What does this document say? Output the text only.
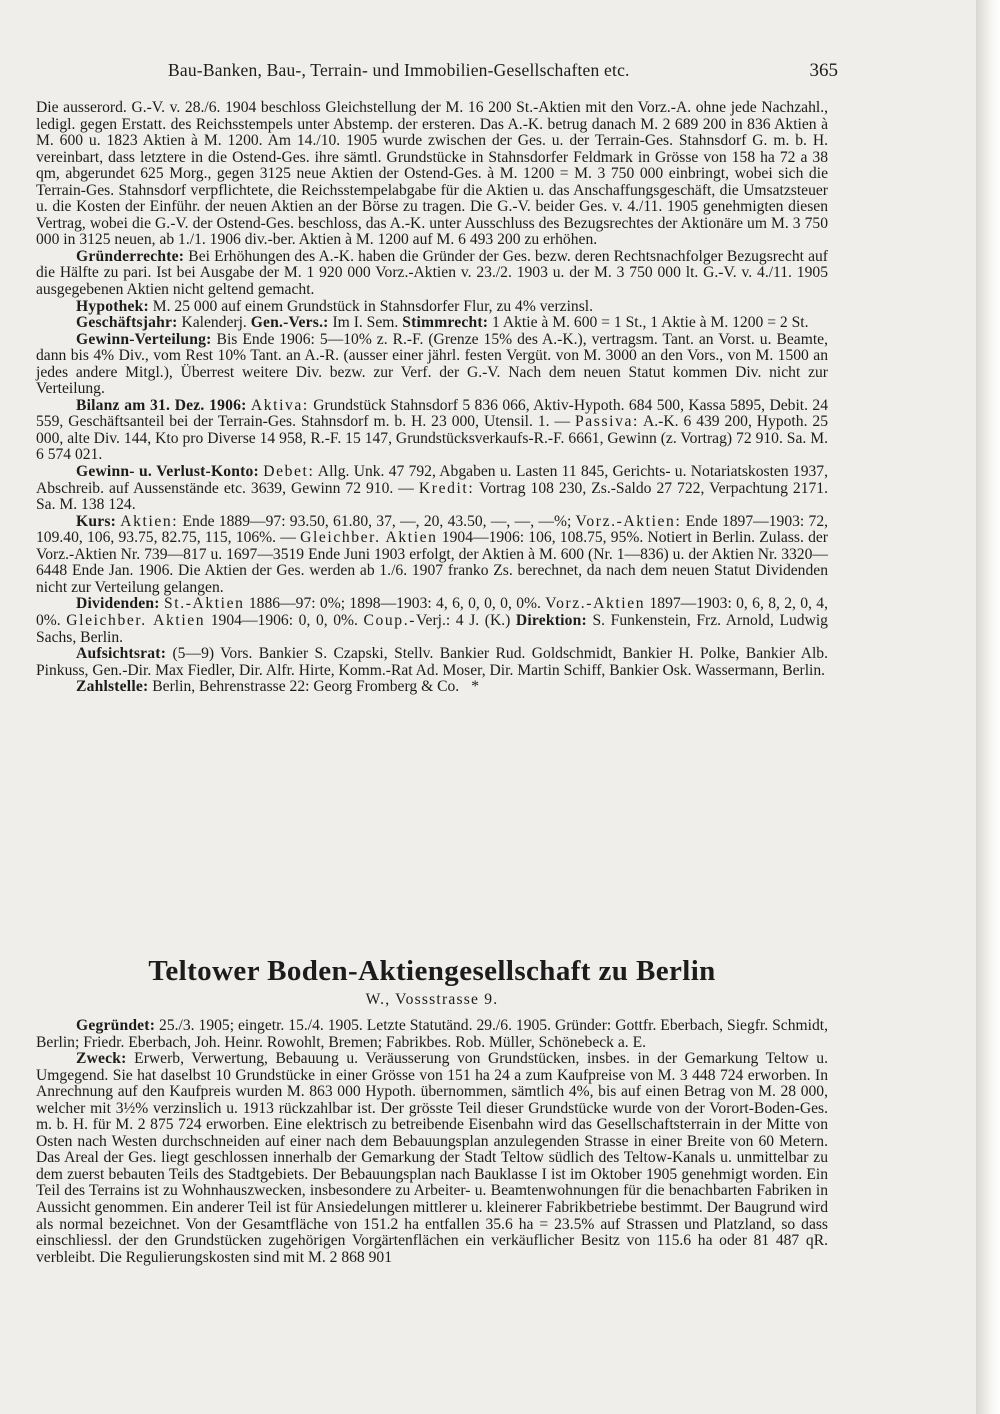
Bau-Banken, Bau-, Terrain- und Immobilien-Gesellschaften etc.	365

Die ausserord. G.-V. v. 28./6. 1904 beschloss Gleichstellung der M. 16 200 St.-Aktien mit den Vorz.-A. ohne jede Nachzahl., ledigl. gegen Erstatt. des Reichsstempels unter Abstemp. der ersteren. Das A.-K. betrug danach M. 2 689 200 in 836 Aktien à M. 600 u. 1823 Aktien à M. 1200. Am 14./10. 1905 wurde zwischen der Ges. u. der Terrain-Ges. Stahnsdorf G. m. b. H. vereinbart, dass letztere in die Ostend-Ges. ihre sämtl. Grundstücke in Stahnsdorfer Feldmark in Grösse von 158 ha 72 a 38 qm, abgerundet 625 Morg., gegen 3125 neue Aktien der Ostend-Ges. à M. 1200 = M. 3 750 000 einbringt, wobei sich die Terrain-Ges. Stahnsdorf verpflichtete, die Reichsstempelabgabe für die Aktien u. das Anschaffungsgeschäft, die Umsatzsteuer u. die Kosten der Einführ. der neuen Aktien an der Börse zu tragen. Die G.-V. beider Ges. v. 4./11. 1905 genehmigten diesen Vertrag, wobei die G.-V. der Ostend-Ges. beschloss, das A.-K. unter Ausschluss des Bezugsrechtes der Aktionäre um M. 3 750 000 in 3125 neuen, ab 1./1. 1906 div.-ber. Aktien à M. 1200 auf M. 6 493 200 zu erhöhen.

Gründerrechte: Bei Erhöhungen des A.-K. haben die Gründer der Ges. bezw. deren Rechtsnachfolger Bezugsrecht auf die Hälfte zu pari. Ist bei Ausgabe der M. 1 920 000 Vorz.-Aktien v. 23./2. 1903 u. der M. 3 750 000 lt. G.-V. v. 4./11. 1905 ausgegebenen Aktien nicht geltend gemacht.

Hypothek: M. 25 000 auf einem Grundstück in Stahnsdorfer Flur, zu 4% verzinsl.

Geschäftsjahr: Kalenderj. Gen.-Vers.: Im I. Sem. Stimmrecht: 1 Aktie à M. 600 = 1 St., 1 Aktie à M. 1200 = 2 St.

Gewinn-Verteilung: Bis Ende 1906: 5—10% z. R.-F. (Grenze 15% des A.-K.), vertragsm. Tant. an Vorst. u. Beamte, dann bis 4% Div., vom Rest 10% Tant. an A.-R. (ausser einer jährl. festen Vergüt. von M. 3000 an den Vors., von M. 1500 an jedes andere Mitgl.), Überrest weitere Div. bezw. zur Verf. der G.-V. Nach dem neuen Statut kommen Div. nicht zur Verteilung.

Bilanz am 31. Dez. 1906: Aktiva: Grundstück Stahnsdorf 5 836 066, Aktiv-Hypoth. 684 500, Kassa 5895, Debit. 24 559, Geschäftsanteil bei der Terrain-Ges. Stahnsdorf m. b. H. 23 000, Utensil. 1. — Passiva: A.-K. 6 439 200, Hypoth. 25 000, alte Div. 144, Kto pro Diverse 14 958, R.-F. 15 147, Grundstücksverkaufs-R.-F. 6661, Gewinn (z. Vortrag) 72 910. Sa. M. 6 574 021.

Gewinn- u. Verlust-Konto: Debet: Allg. Unk. 47 792, Abgaben u. Lasten 11 845, Gerichts- u. Notariatskosten 1937, Abschreib. auf Aussenstände etc. 3639, Gewinn 72 910. — Kredit: Vortrag 108 230, Zs.-Saldo 27 722, Verpachtung 2171. Sa. M. 138 124.

Kurs: Aktien: Ende 1889—97: 93.50, 61.80, 37, —, 20, 43.50, —, —, —%; Vorz.-Aktien: Ende 1897—1903: 72, 109.40, 106, 93.75, 82.75, 115, 106%. — Gleichber. Aktien 1904—1906: 106, 108.75, 95%. Notiert in Berlin. Zulass. der Vorz.-Aktien Nr. 739—817 u. 1697—3519 Ende Juni 1903 erfolgt, der Aktien à M. 600 (Nr. 1—836) u. der Aktien Nr. 3320—6448 Ende Jan. 1906. Die Aktien der Ges. werden ab 1./6. 1907 franko Zs. berechnet, da nach dem neuen Statut Dividenden nicht zur Verteilung gelangen.

Dividenden: St.-Aktien 1886—97: 0%; 1898—1903: 4, 6, 0, 0, 0, 0%. Vorz.-Aktien 1897—1903: 0, 6, 8, 2, 0, 4, 0%. Gleichber. Aktien 1904—1906: 0, 0, 0%. Coup.-Verj.: 4 J. (K.) Direktion: S. Funkenstein, Frz. Arnold, Ludwig Sachs, Berlin.

Aufsichtsrat: (5—9) Vors. Bankier S. Czapski, Stellv. Bankier Rud. Goldschmidt, Bankier H. Polke, Bankier Alb. Pinkuss, Gen.-Dir. Max Fiedler, Dir. Alfr. Hirte, Komm.-Rat Ad. Moser, Dir. Martin Schiff, Bankier Osk. Wassermann, Berlin.

Zahlstelle: Berlin, Behrenstrasse 22: Georg Fromberg & Co. *

Teltower Boden-Aktiengesellschaft zu Berlin

W., Vossstrasse 9.

Gegründet: 25./3. 1905; eingetr. 15./4. 1905. Letzte Statutänd. 29./6. 1905. Gründer: Gottfr. Eberbach, Siegfr. Schmidt, Berlin; Friedr. Eberbach, Joh. Heinr. Rowohlt, Bremen; Fabrikbes. Rob. Müller, Schönebeck a. E.

Zweck: Erwerb, Verwertung, Bebauung u. Veräusserung von Grundstücken, insbes. in der Gemarkung Teltow u. Umgegend. Sie hat daselbst 10 Grundstücke in einer Grösse von 151 ha 24 a zum Kaufpreise von M. 3 448 724 erworben. In Anrechnung auf den Kaufpreis wurden M. 863 000 Hypoth. übernommen, sämtlich 4%, bis auf einen Betrag von M. 28 000, welcher mit 3½% verzinslich u. 1913 rückzahlbar ist. Der grösste Teil dieser Grundstücke wurde von der Vorort-Boden-Ges. m. b. H. für M. 2 875 724 erworben. Eine elektrisch zu betreibende Eisenbahn wird das Gesellschaftsterrain in der Mitte von Osten nach Westen durchschneiden auf einer nach dem Bebauungsplan anzulegenden Strasse in einer Breite von 60 Metern. Das Areal der Ges. liegt geschlossen innerhalb der Gemarkung der Stadt Teltow südlich des Teltow-Kanals u. unmittelbar zu dem zuerst bebauten Teils des Stadtgebiets. Der Bebauungsplan nach Bauklasse I ist im Oktober 1905 genehmigt worden. Ein Teil des Terrains ist zu Wohnhauszwecken, insbesondere zu Arbeiter- u. Beamtenwohnungen für die benachbarten Fabriken in Aussicht genommen. Ein anderer Teil ist für Ansiedelungen mittlerer u. kleinerer Fabrikbetriebe bestimmt. Der Baugrund wird als normal bezeichnet. Von der Gesamtfläche von 151.2 ha entfallen 35.6 ha = 23.5% auf Strassen und Platzland, so dass einschliessl. der den Grundstücken zugehörigen Vorgärtenflächen ein verkäuflicher Besitz von 115.6 ha oder 81 487 qR. verbleibt. Die Regulierungskosten sind mit M. 2 868 901
